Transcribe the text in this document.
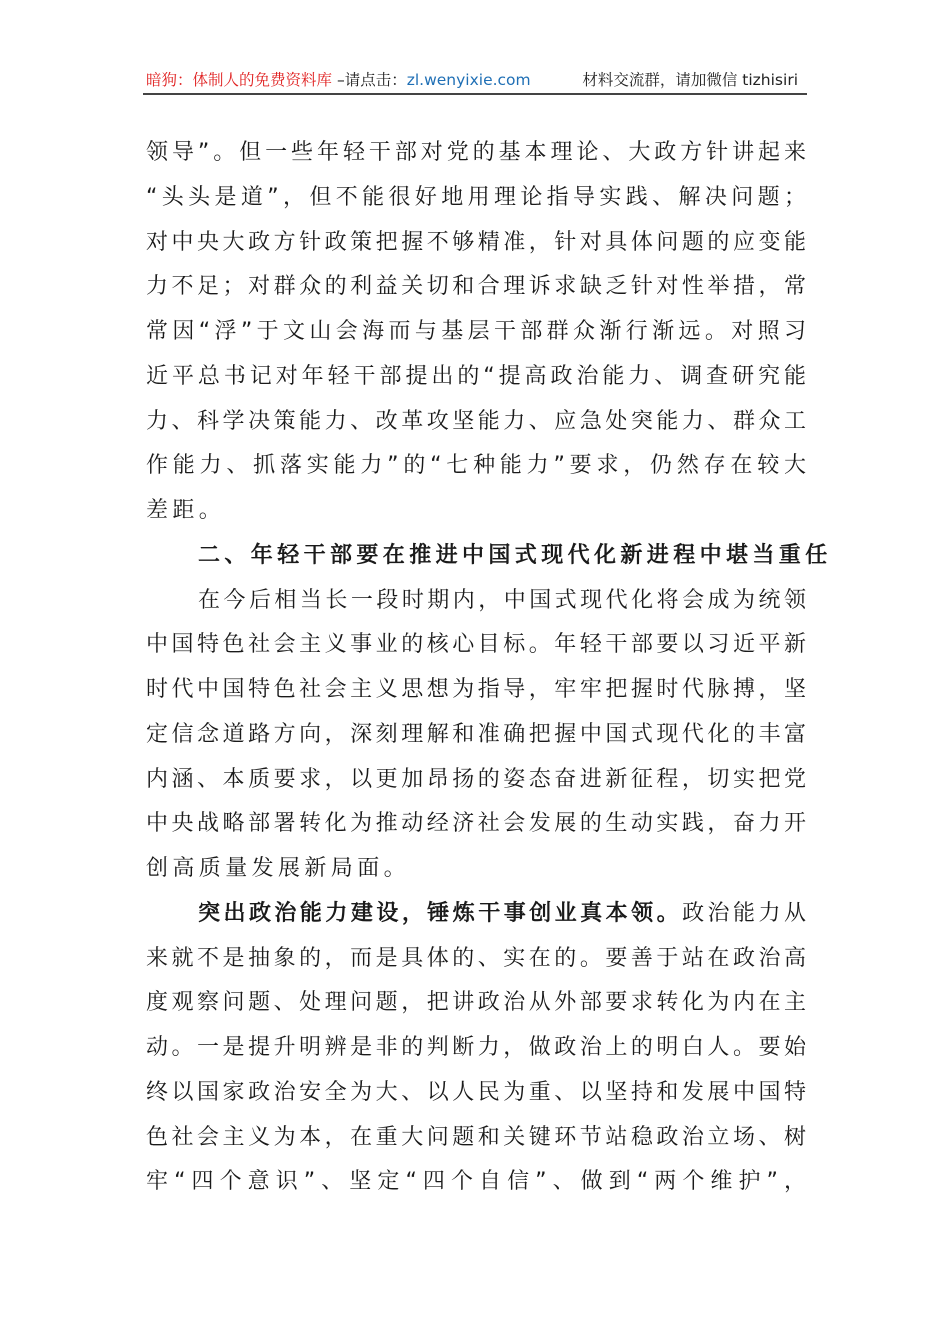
暗狗：体制人的免费资料库 –请点击：zl.wenyixie.com	材料交流群，请加微信 tizhisiri
领导”。但一些年轻干部对党的基本理论、大政方针讲起来
“头头是道”，但不能很好地用理论指导实践、解决问题；
对中央大政方针政策把握不够精准，针对具体问题的应变能
力不足；对群众的利益关切和合理诉求缺乏针对性举措，常
常因“浮”于文山会海而与基层干部群众渐行渐远。对照习
近平总书记对年轻干部提出的“提高政治能力、调查研究能
力、科学决策能力、改革攻坚能力、应急处突能力、群众工
作能力、抓落实能力”的“七种能力”要求，仍然存在较大
差距。
二、年轻干部要在推进中国式现代化新进程中堪当重任
在今后相当长一段时期内，中国式现代化将会成为统领
中国特色社会主义事业的核心目标。年轻干部要以习近平新
时代中国特色社会主义思想为指导，牢牢把握时代脉搏，坚
定信念道路方向，深刻理解和准确把握中国式现代化的丰富
内涵、本质要求，以更加昂扬的姿态奋进新征程，切实把党
中央战略部署转化为推动经济社会发展的生动实践，奋力开
创高质量发展新局面。
突出政治能力建设，锤炼干事创业真本领。政治能力从
来就不是抽象的，而是具体的、实在的。要善于站在政治高
度观察问题、处理问题，把讲政治从外部要求转化为内在主
动。一是提升明辨是非的判断力，做政治上的明白人。要始
终以国家政治安全为大、以人民为重、以坚持和发展中国特
色社会主义为本，在重大问题和关键环节站稳政治立场、树
牢“四个意识”、坚定“四个自信”、做到“两个维护”，
